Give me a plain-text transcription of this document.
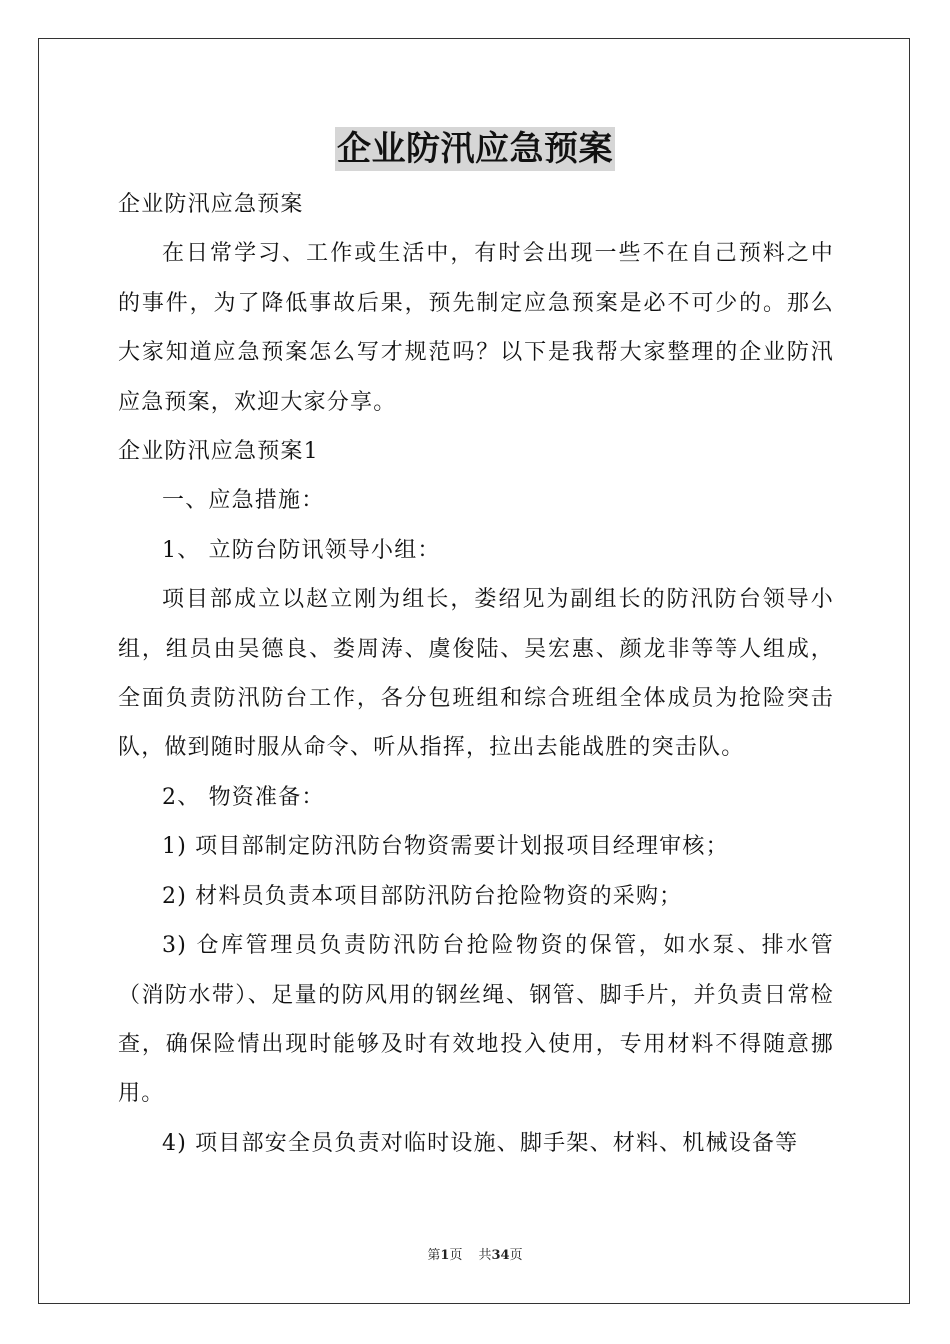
企业防汛应急预案

企业防汛应急预案

在日常学习、工作或生活中，有时会出现一些不在自己预料之中的事件，为了降低事故后果，预先制定应急预案是必不可少的。那么大家知道应急预案怎么写才规范吗？以下是我帮大家整理的企业防汛应急预案，欢迎大家分享。

企业防汛应急预案1

一、应急措施：

1、 立防台防讯领导小组：

项目部成立以赵立刚为组长，娄绍见为副组长的防汛防台领导小组，组员由吴德良、娄周涛、虞俊陆、吴宏惠、颜龙非等等人组成，全面负责防汛防台工作，各分包班组和综合班组全体成员为抢险突击队，做到随时服从命令、听从指挥，拉出去能战胜的突击队。

2、 物资准备：

1) 项目部制定防汛防台物资需要计划报项目经理审核；

2) 材料员负责本项目部防汛防台抢险物资的采购；

3) 仓库管理员负责防汛防台抢险物资的保管，如水泵、排水管（消防水带）、足量的防风用的钢丝绳、钢管、脚手片，并负责日常检查，确保险情出现时能够及时有效地投入使用，专用材料不得随意挪用。

4) 项目部安全员负责对临时设施、脚手架、材料、机械设备等

第1页 共34页
